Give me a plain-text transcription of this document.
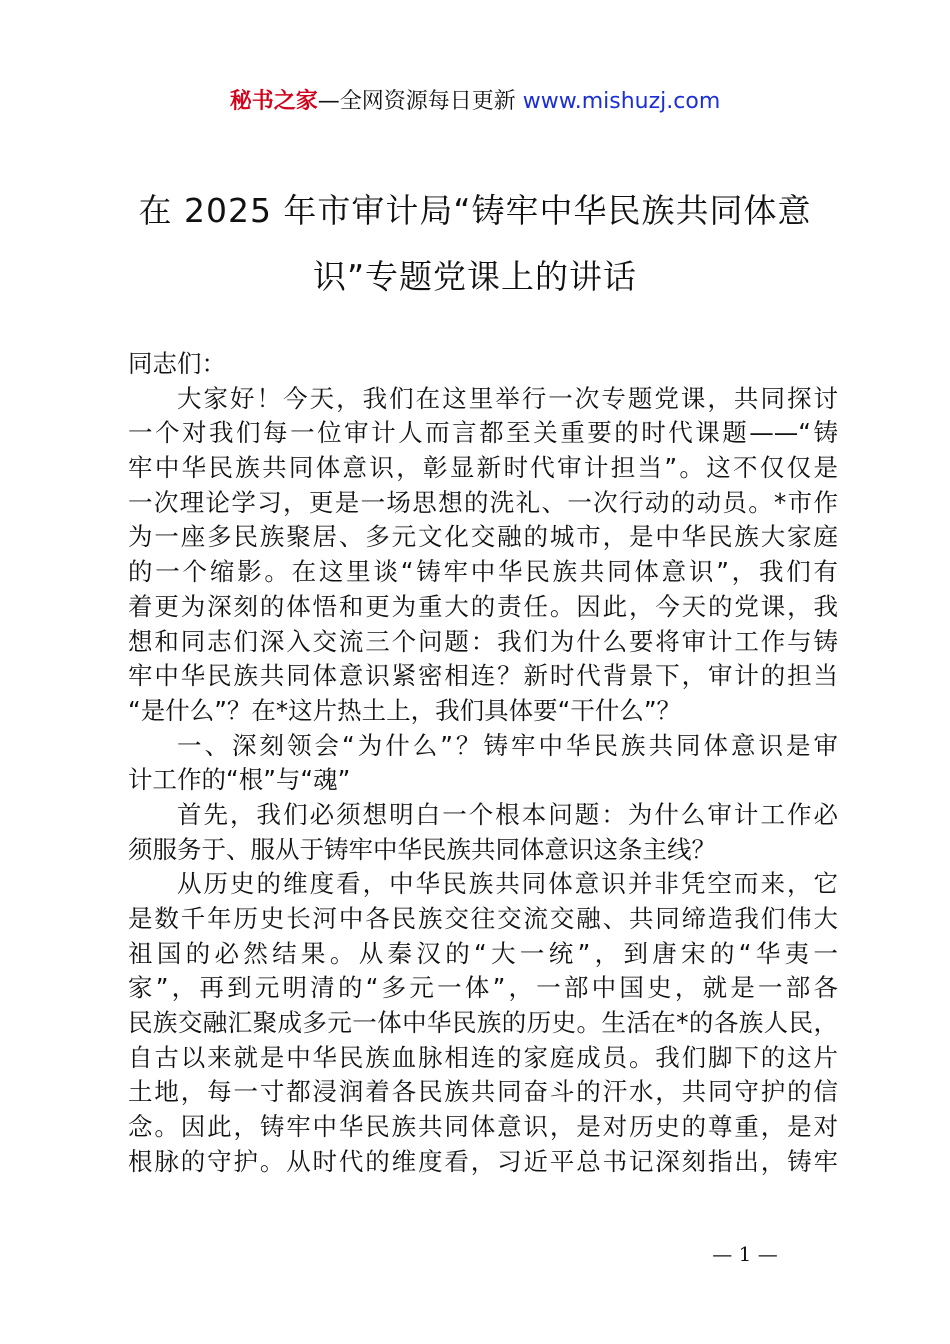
秘书之家—全网资源每日更新 www.mishuzj.com
在 2025 年市审计局“铸牢中华民族共同体意
识”专题党课上的讲话
同志们：
大家好！今天，我们在这里举行一次专题党课，共同探讨
一个对我们每一位审计人而言都至关重要的时代课题——“铸
牢中华民族共同体意识，彰显新时代审计担当”。这不仅仅是
一次理论学习，更是一场思想的洗礼、一次行动的动员。*市作
为一座多民族聚居、多元文化交融的城市，是中华民族大家庭
的一个缩影。在这里谈“铸牢中华民族共同体意识”，我们有
着更为深刻的体悟和更为重大的责任。因此，今天的党课，我
想和同志们深入交流三个问题：我们为什么要将审计工作与铸
牢中华民族共同体意识紧密相连？新时代背景下，审计的担当
“是什么”？在*这片热土上，我们具体要“干什么”？
一、深刻领会“为什么”？铸牢中华民族共同体意识是审
计工作的“根”与“魂”
首先，我们必须想明白一个根本问题：为什么审计工作必
须服务于、服从于铸牢中华民族共同体意识这条主线？
从历史的维度看，中华民族共同体意识并非凭空而来，它
是数千年历史长河中各民族交往交流交融、共同缔造我们伟大
祖国的必然结果。从秦汉的“大一统”，到唐宋的“华夷一
家”，再到元明清的“多元一体”，一部中国史，就是一部各
民族交融汇聚成多元一体中华民族的历史。生活在*的各族人民，
自古以来就是中华民族血脉相连的家庭成员。我们脚下的这片
土地，每一寸都浸润着各民族共同奋斗的汗水，共同守护的信
念。因此，铸牢中华民族共同体意识，是对历史的尊重，是对
根脉的守护。从时代的维度看，习近平总书记深刻指出，铸牢
— 1 —
